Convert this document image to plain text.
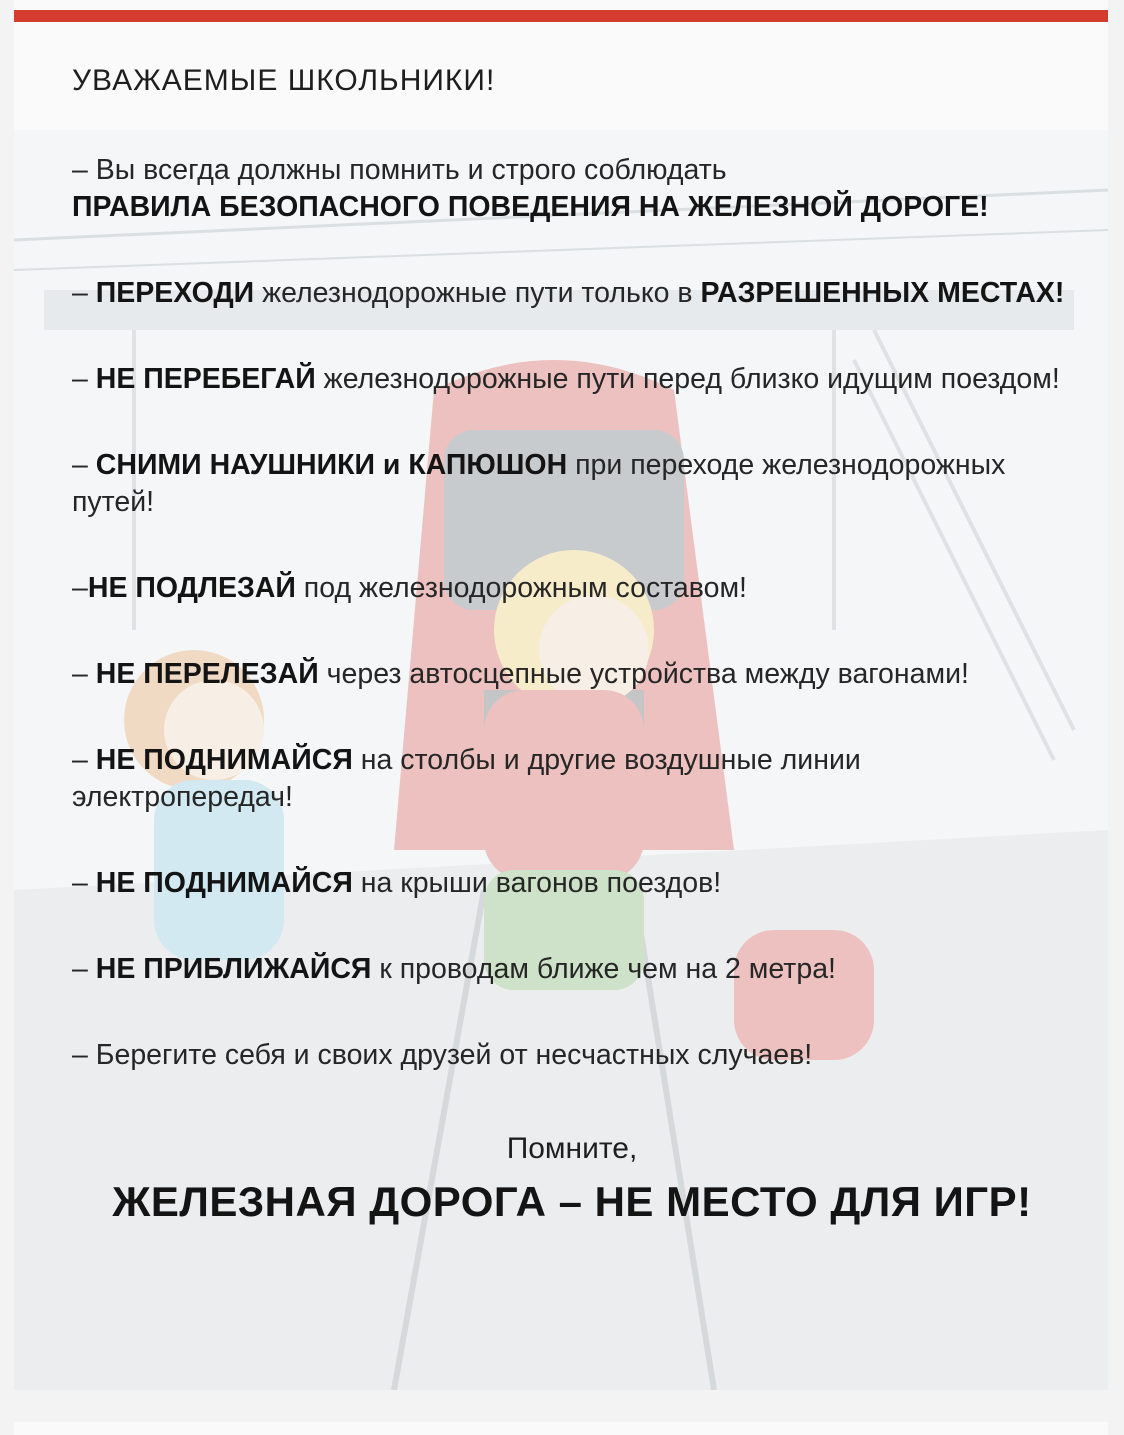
УВАЖАЕМЫЕ ШКОЛЬНИКИ!
– Вы всегда должны помнить и строго соблюдать
ПРАВИЛА БЕЗОПАСНОГО ПОВЕДЕНИЯ НА ЖЕЛЕЗНОЙ ДОРОГЕ!
– ПЕРЕХОДИ железнодорожные пути только в РАЗРЕШЕННЫХ МЕСТАХ!
– НЕ ПЕРЕБЕГАЙ железнодорожные пути перед близко идущим поездом!
– СНИМИ НАУШНИКИ и КАПЮШОН при переходе железнодорожных путей!
–НЕ ПОДЛЕЗАЙ под железнодорожным составом!
– НЕ ПЕРЕЛЕЗАЙ через автосцепные устройства между вагонами!
– НЕ ПОДНИМАЙСЯ на столбы и другие воздушные линии электропередач!
– НЕ ПОДНИМАЙСЯ на крыши вагонов поездов!
– НЕ ПРИБЛИЖАЙСЯ к проводам ближе чем на 2 метра!
– Берегите себя и своих друзей от несчастных случаев!
Помните,
ЖЕЛЕЗНАЯ ДОРОГА – НЕ МЕСТО ДЛЯ ИГР!
